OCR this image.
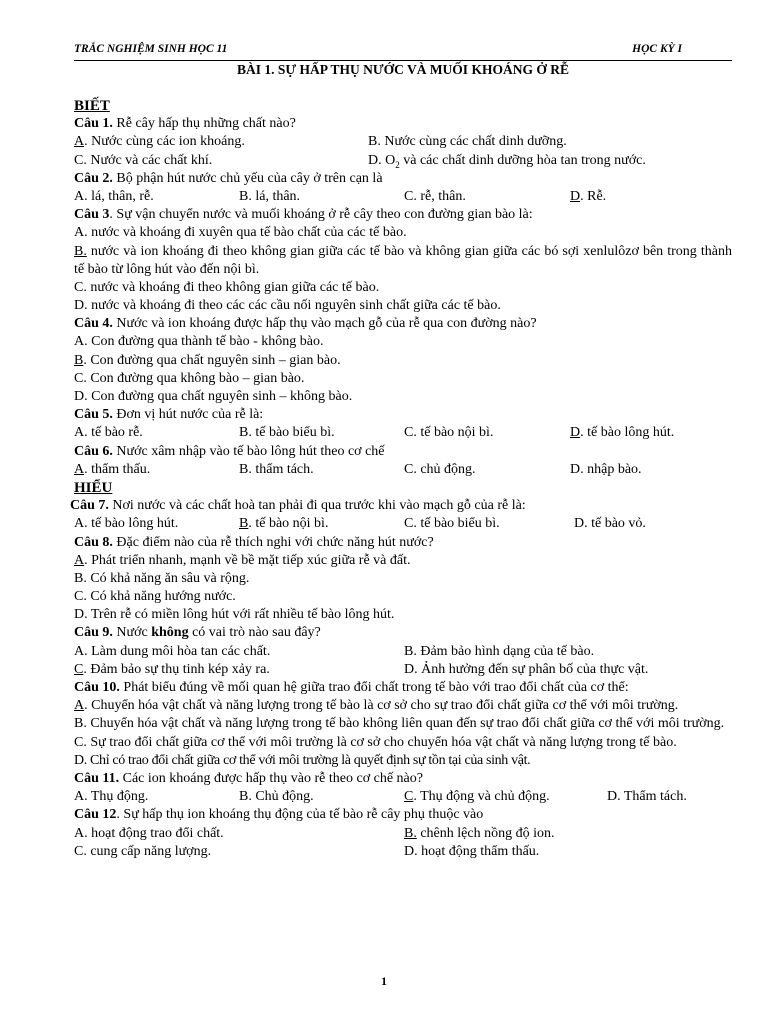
TRẮC NGHIỆM SINH HỌC 11	HỌC KỲ I
BÀI 1. SỰ HẤP THỤ NƯỚC VÀ MUỐI KHOÁNG Ở RỄ
BIẾT
Câu 1. Rễ cây hấp thụ những chất nào?
A. Nước cùng các ion khoáng.	B. Nước cùng các chất dinh dưỡng.
C. Nước và các chất khí.	D. $O_2$ và các chất dinh dưỡng hòa tan trong nước.
Câu 2. Bộ phận hút nước chủ yếu của cây ở trên cạn là
A. lá, thân, rễ.	B. lá, thân.	C. rễ, thân.	D. Rễ.
Câu 3. Sự vận chuyển nước và muối khoáng ở rễ cây theo con đường gian bào là:
A. nước và khoáng đi xuyên qua tế bào chất của các tế bào.
B. nước và ion khoáng đi theo không gian giữa các tế bào và không gian giữa các bó sợi xenlulôzơ bên trong thành tế bào từ lông hút vào đến nội bì.
C. nước và khoáng đi theo không gian giữa các tế bào.
D. nước và khoáng đi theo các các cầu nối nguyên sinh chất giữa các tế bào.
Câu 4. Nước và ion khoáng được hấp thụ vào mạch gỗ của rễ qua con đường nào?
A. Con đường qua thành tế bào - không bào.
B. Con đường qua chất nguyên sinh – gian bào.
C. Con đường qua không bào – gian bào.
D. Con đường qua chất nguyên sinh – không bào.
Câu 5. Đơn vị hút nước của rễ là:
A. tế bào rễ.	B. tế bào biểu bì.	C. tế bào nội bì.	D. tế bào lông hút.
Câu 6. Nước xâm nhập vào tế bào lông hút theo cơ chế
A. thẩm thấu.	B. thẩm tách.	C. chủ động.	D. nhập bào.
HIỂU
Câu 7. Nơi nước và các chất hoà tan phải đi qua trước khi vào mạch gỗ của rễ là:
A. tế bào lông hút.	B. tế bào nội bì.	C. tế bào biểu bì.	D. tế bào vỏ.
Câu 8. Đặc điểm nào của rễ thích nghi với chức năng hút nước?
A. Phát triển nhanh, mạnh về bề mặt tiếp xúc giữa rễ và đất.
B. Có khả năng ăn sâu và rộng.
C. Có khả năng hướng nước.
D. Trên rễ có miền lông hút với rất nhiều tế bào lông hút.
Câu 9. Nước không có vai trò nào sau đây?
A. Làm dung môi hòa tan các chất.	B. Đảm bảo hình dạng của tế bào.
C. Đảm bảo sự thụ tinh kép xảy ra.	D. Ảnh hưởng đến sự phân bố của thực vật.
Câu 10. Phát biểu đúng về mối quan hệ giữa trao đổi chất trong tế bào với trao đổi chất của cơ thể:
A. Chuyển hóa vật chất và năng lượng trong tế bào là cơ sở cho sự trao đổi chất giữa cơ thể với môi trường.
B. Chuyển hóa vật chất và năng lượng trong tế bào không liên quan đến sự trao đổi chất giữa cơ thể với môi trường.
C. Sự trao đổi chất giữa cơ thể với môi trường là cơ sở cho chuyển hóa vật chất và năng lượng trong tế bào.
D. Chỉ có trao đổi chất giữa cơ thể với môi trường là quyết định sự tồn tại của sinh vật.
Câu 11. Các ion khoáng được hấp thụ vào rễ theo cơ chế nào?
A. Thụ động.	B. Chủ động.	C. Thụ động và chủ động.	D. Thẩm tách.
Câu 12. Sự hấp thụ ion khoáng thụ động của tế bào rễ cây phụ thuộc vào
A. hoạt động trao đổi chất.	B. chênh lệch nồng độ ion.
C. cung cấp năng lượng.	D. hoạt động thẩm thấu.
1
